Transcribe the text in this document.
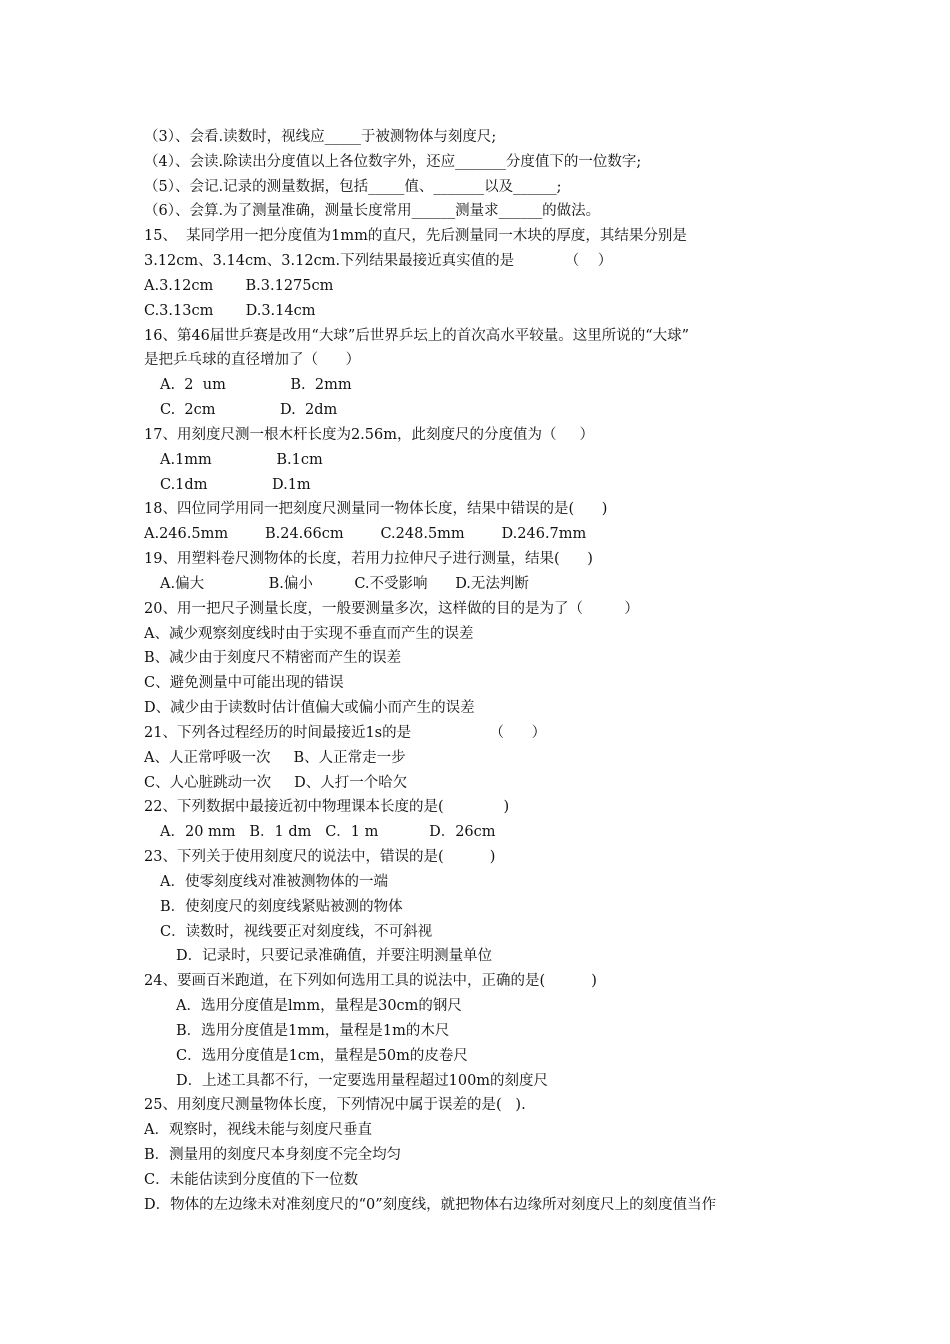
（3）、会看.读数时，视线应_____于被测物体与刻度尺;
（4）、会读.除读出分度值以上各位数字外，还应_______分度值下的一位数字;
（5）、会记.记录的测量数据，包括_____值、_______以及______;
（6）、会算.为了测量准确，测量长度常用______测量求______的做法。
15、  某同学用一把分度值为1mm的直尺，先后测量同一木块的厚度，其结果分别是
3.12cm、3.14cm、3.12cm.下列结果最接近真实值的是           （    ）
A.3.12cm       B.3.1275cm
C.3.13cm       D.3.14cm
16、第46届世乒赛是改用“大球”后世界乒坛上的首次高水平较量。这里所说的“大球”
是把乒乓球的直径增加了（      ）
A.  2  um              B.  2mm
C.  2cm              D.  2dm
17、用刻度尺测一根木杆长度为2.56m，此刻度尺的分度值为（     ）
A.1mm              B.1cm
C.1dm              D.1m
18、四位同学用同一把刻度尺测量同一物体长度，结果中错误的是(      )
A.246.5mm        B.24.66cm        C.248.5mm        D.246.7mm
19、用塑料卷尺测物体的长度，若用力拉伸尺子进行测量，结果(      )
A.偏大              B.偏小         C.不受影响      D.无法判断
20、用一把尺子测量长度，一般要测量多次，这样做的目的是为了（         ）
A、减少观察刻度线时由于实现不垂直而产生的误差
B、减少由于刻度尺不精密而产生的误差
C、避免测量中可能出现的错误
D、减少由于读数时估计值偏大或偏小而产生的误差
21、下列各过程经历的时间最接近1s的是                 （      ）
A、人正常呼吸一次     B、人正常走一步
C、人心脏跳动一次     D、人打一个哈欠
22、下列数据中最接近初中物理课本长度的是(             )
A．20 mm   B．1 dm   C．1 m           D．26cm
23、下列关于使用刻度尺的说法中，错误的是(          )
A．使零刻度线对准被测物体的一端
B．使刻度尺的刻度线紧贴被测的物体
C．读数时，视线要正对刻度线，不可斜视
D．记录时，只要记录准确值，并要注明测量单位
24、要画百米跑道，在下列如何选用工具的说法中，正确的是(          )
A．选用分度值是lmm，量程是30cm的钢尺
B．选用分度值是1mm，量程是1m的木尺
C．选用分度值是1cm，量程是50m的皮卷尺
D．上述工具都不行，一定要选用量程超过100m的刻度尺
25、用刻度尺测量物体长度，下列情况中属于误差的是(   ).
A．观察时，视线未能与刻度尺垂直
B．测量用的刻度尺本身刻度不完全均匀
C．未能估读到分度值的下一位数
D．物体的左边缘未对准刻度尺的“0”刻度线，就把物体右边缘所对刻度尺上的刻度值当作
